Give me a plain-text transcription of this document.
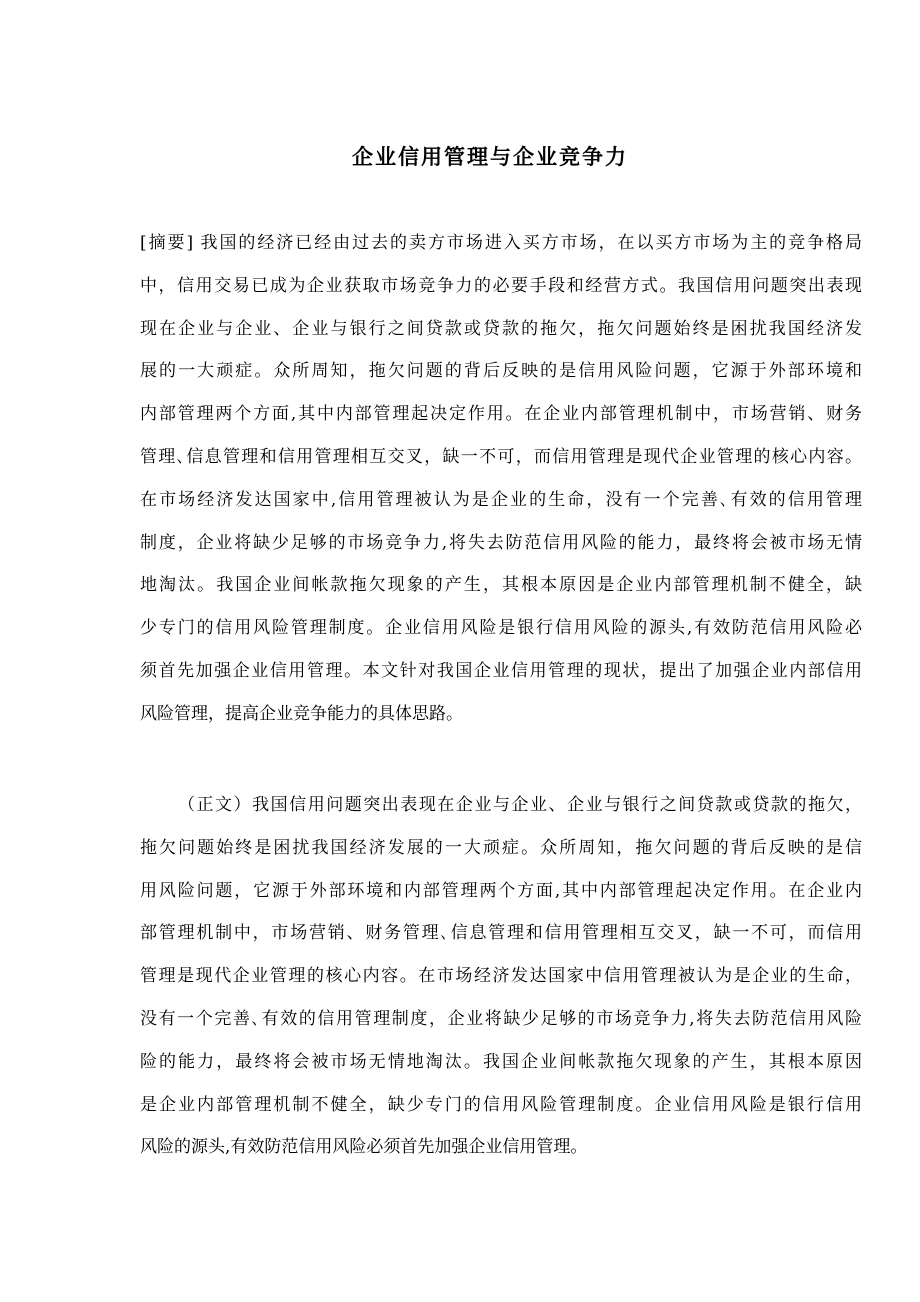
企业信用管理与企业竞争力
[摘要] 我国的经济已经由过去的卖方市场进入买方市场，在以买方市场为主的竞争格局
中，信用交易已成为企业获取市场竞争力的必要手段和经营方式。我国信用问题突出表现
现在企业与企业、企业与银行之间贷款或贷款的拖欠，拖欠问题始终是困扰我国经济发
展的一大顽症。众所周知，拖欠问题的背后反映的是信用风险问题，它源于外部环境和
内部管理两个方面,其中内部管理起决定作用。在企业内部管理机制中，市场营销、财务
管理､信息管理和信用管理相互交叉，缺一不可，而信用管理是现代企业管理的核心内容。
在市场经济发达国家中,信用管理被认为是企业的生命，没有一个完善､有效的信用管理
制度，企业将缺少足够的市场竞争力,将失去防范信用风险的能力，最终将会被市场无情
地淘汰。我国企业间帐款拖欠现象的产生，其根本原因是企业内部管理机制不健全，缺
少专门的信用风险管理制度。企业信用风险是银行信用风险的源头,有效防范信用风险必
须首先加强企业信用管理。本文针对我国企业信用管理的现状，提出了加强企业内部信用
风险管理，提高企业竞争能力的具体思路。
（正文）我国信用问题突出表现在企业与企业、企业与银行之间贷款或贷款的拖欠，
拖欠问题始终是困扰我国经济发展的一大顽症。众所周知，拖欠问题的背后反映的是信
用风险问题，它源于外部环境和内部管理两个方面,其中内部管理起决定作用。在企业内
部管理机制中，市场营销、财务管理､信息管理和信用管理相互交叉，缺一不可，而信用
管理是现代企业管理的核心内容。在市场经济发达国家中信用管理被认为是企业的生命，
没有一个完善､有效的信用管理制度，企业将缺少足够的市场竞争力,将失去防范信用风险
险的能力，最终将会被市场无情地淘汰。我国企业间帐款拖欠现象的产生，其根本原因
是企业内部管理机制不健全，缺少专门的信用风险管理制度。企业信用风险是银行信用
风险的源头,有效防范信用风险必须首先加强企业信用管理。
